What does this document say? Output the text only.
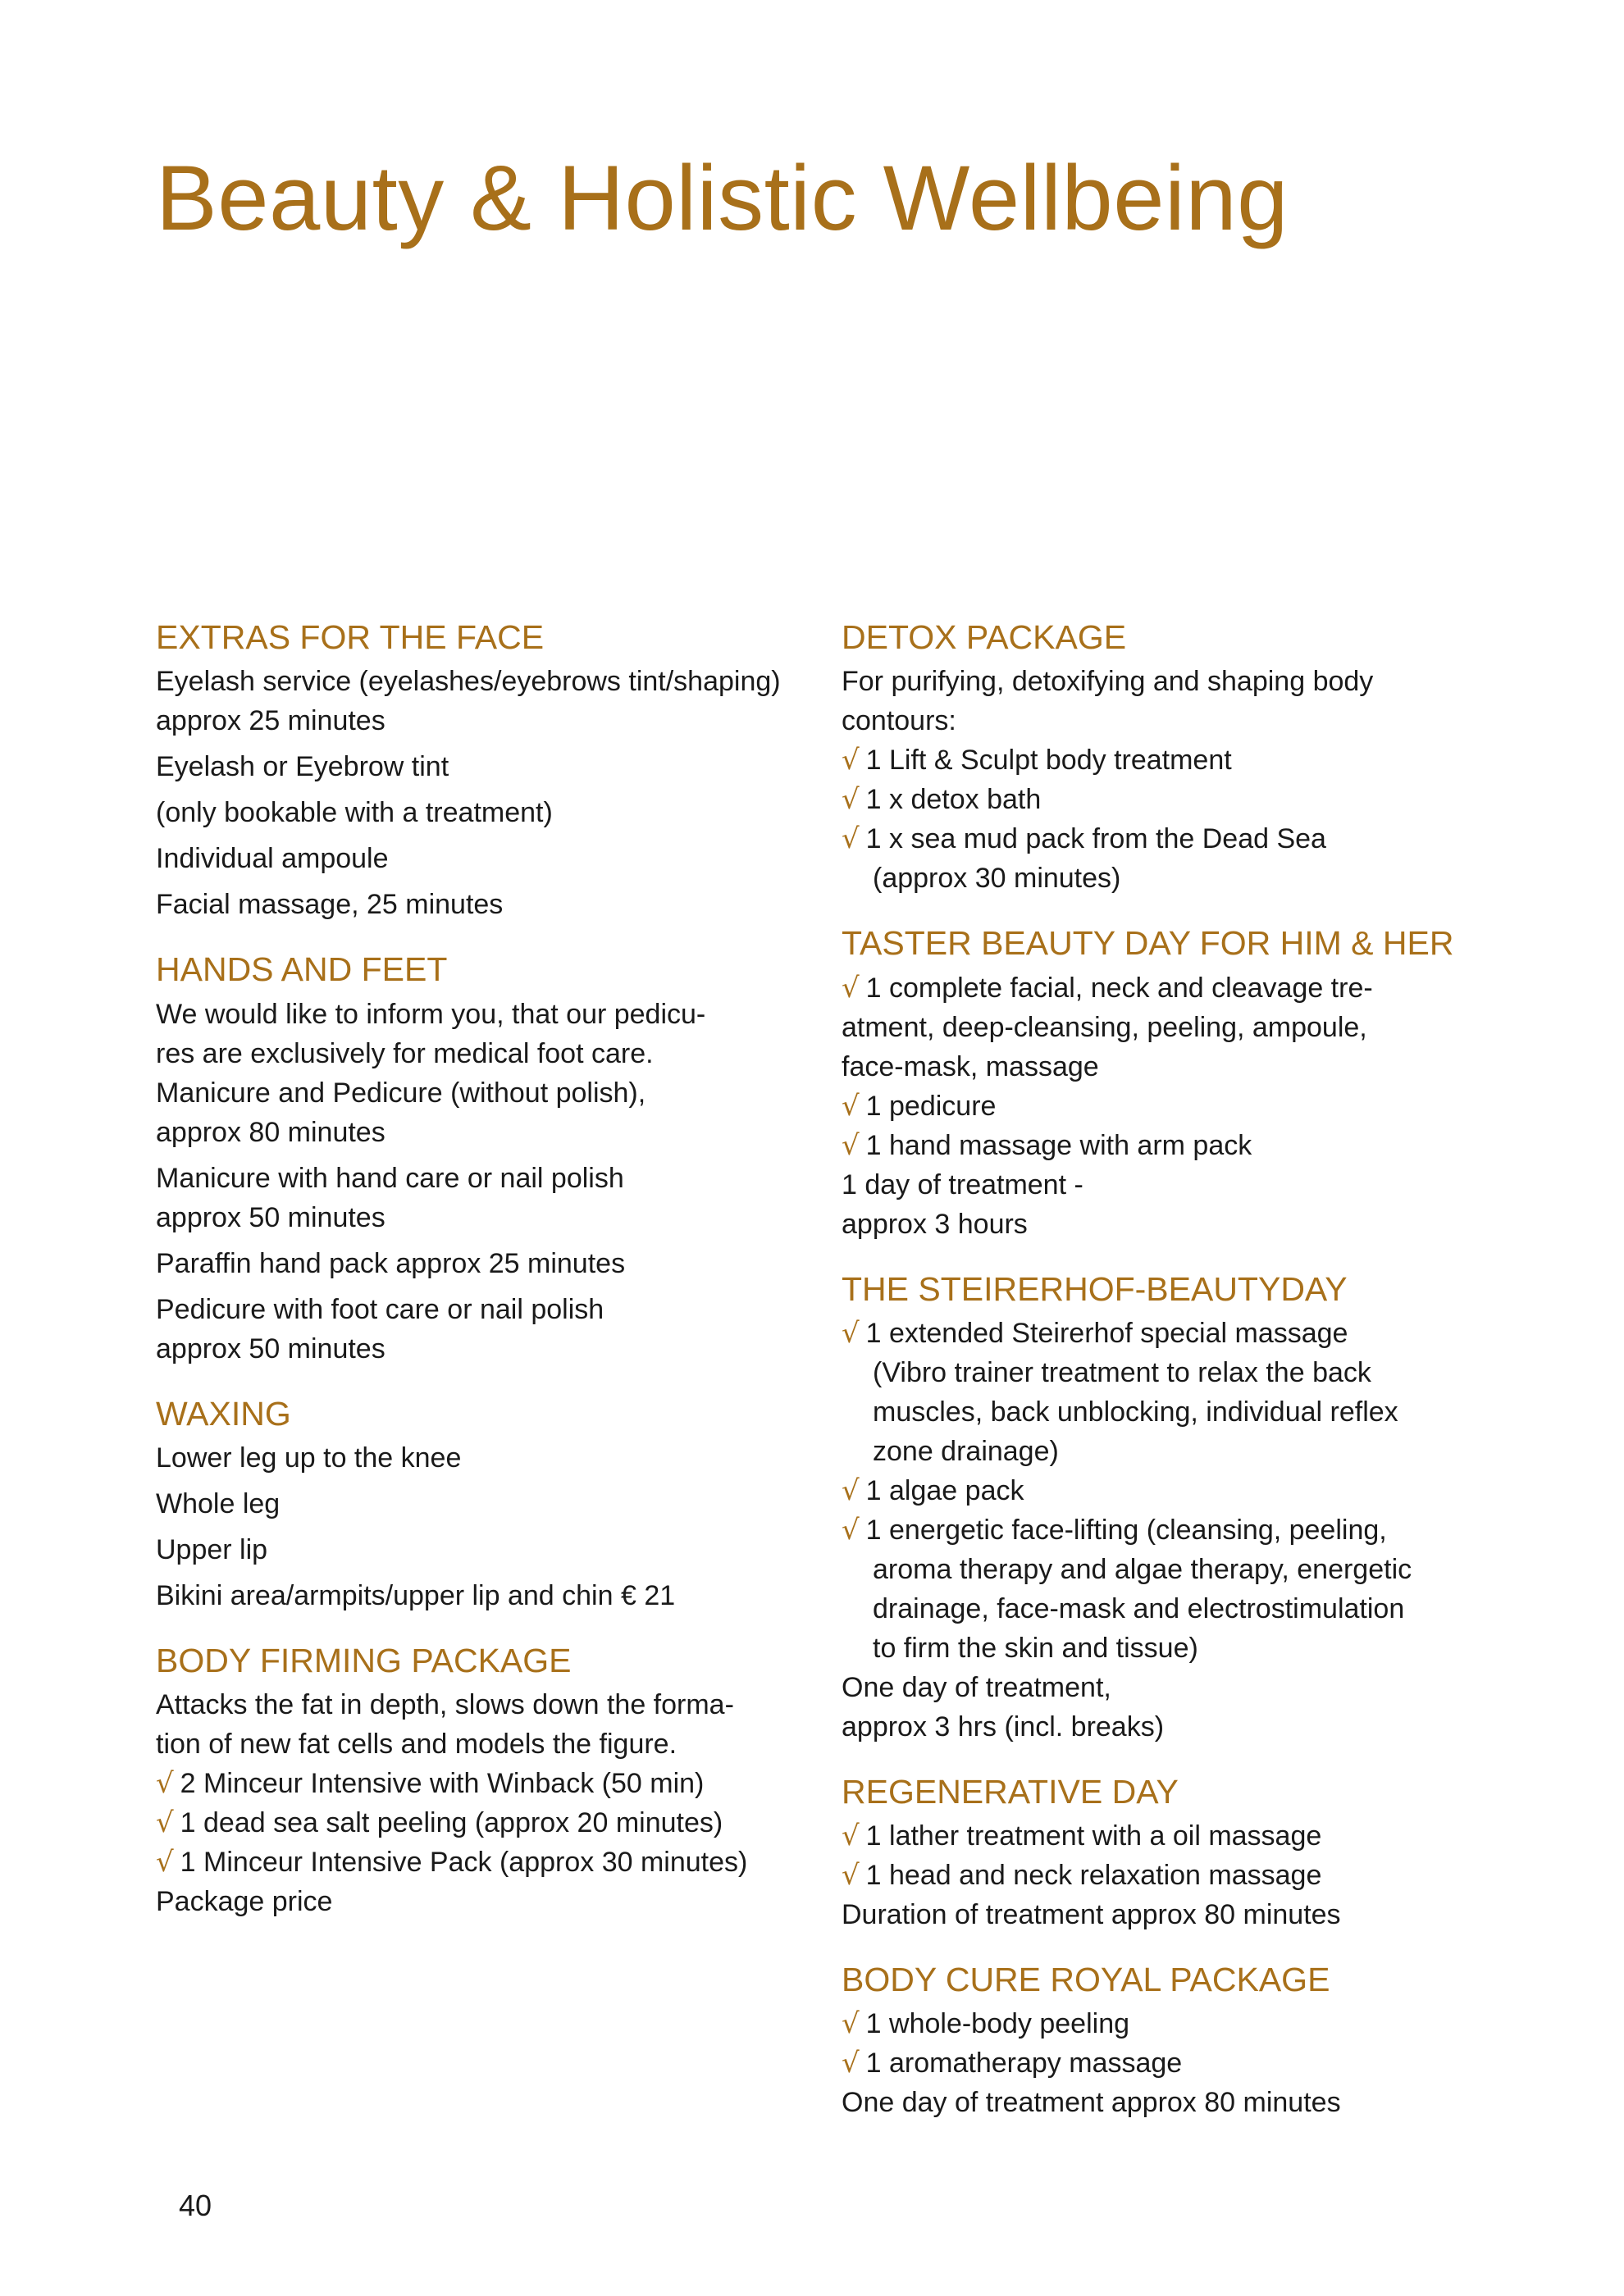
Beauty & Holistic Wellbeing
EXTRAS FOR THE FACE

Eyelash service (eyelashes/eyebrows tint/shaping)

approx 25 minutes

Eyelash or Eyebrow tint

(only bookable with a treatment)

Individual ampoule

Facial massage, 25 minutes

HANDS AND FEET

We would like to inform you, that our pedicu-

res are exclusively for medical foot care.

Manicure and Pedicure (without polish),

approx 80 minutes

Manicure with hand care or nail polish

approx 50 minutes

Paraffin hand pack approx 25 minutes

Pedicure with foot care or nail polish

approx 50 minutes

WAXING

Lower leg up to the knee

Whole leg

Upper lip

Bikini area/armpits/upper lip and chin € 21

BODY FIRMING PACKAGE

Attacks the fat in depth, slows down the forma-

tion of new fat cells and models the figure.

√ 2 Minceur Intensive with Winback (50 min)

√ 1 dead sea salt peeling (approx 20 minutes)

√ 1 Minceur Intensive Pack (approx 30 minutes)

Package price

DETOX PACKAGE

For purifying, detoxifying and shaping body

contours:

√ 1 Lift & Sculpt body treatment

√ 1 x detox bath

√ 1 x sea mud pack from the Dead Sea

(approx 30 minutes)

TASTER BEAUTY DAY FOR HIM & HER

√ 1 complete facial, neck and cleavage tre-

atment, deep-cleansing, peeling, ampoule,

face-mask, massage

√ 1 pedicure

√ 1 hand massage with arm pack

1 day of treatment -

approx 3 hours

THE STEIRERHOF-BEAUTYDAY

√ 1 extended Steirerhof special massage

(Vibro trainer treatment to relax the back

muscles, back unblocking, individual reflex

zone drainage)

√ 1 algae pack

√ 1 energetic face-lifting (cleansing, peeling,

aroma therapy and algae therapy, energetic

drainage, face-mask and electrostimulation

to firm the skin and tissue)

One day of treatment,

approx 3 hrs (incl. breaks)

REGENERATIVE DAY

√ 1 lather treatment with a oil massage

√ 1 head and neck relaxation massage

Duration of treatment approx 80 minutes

BODY CURE ROYAL PACKAGE

√ 1 whole-body peeling

√ 1 aromatherapy massage

One day of treatment approx 80 minutes

40
